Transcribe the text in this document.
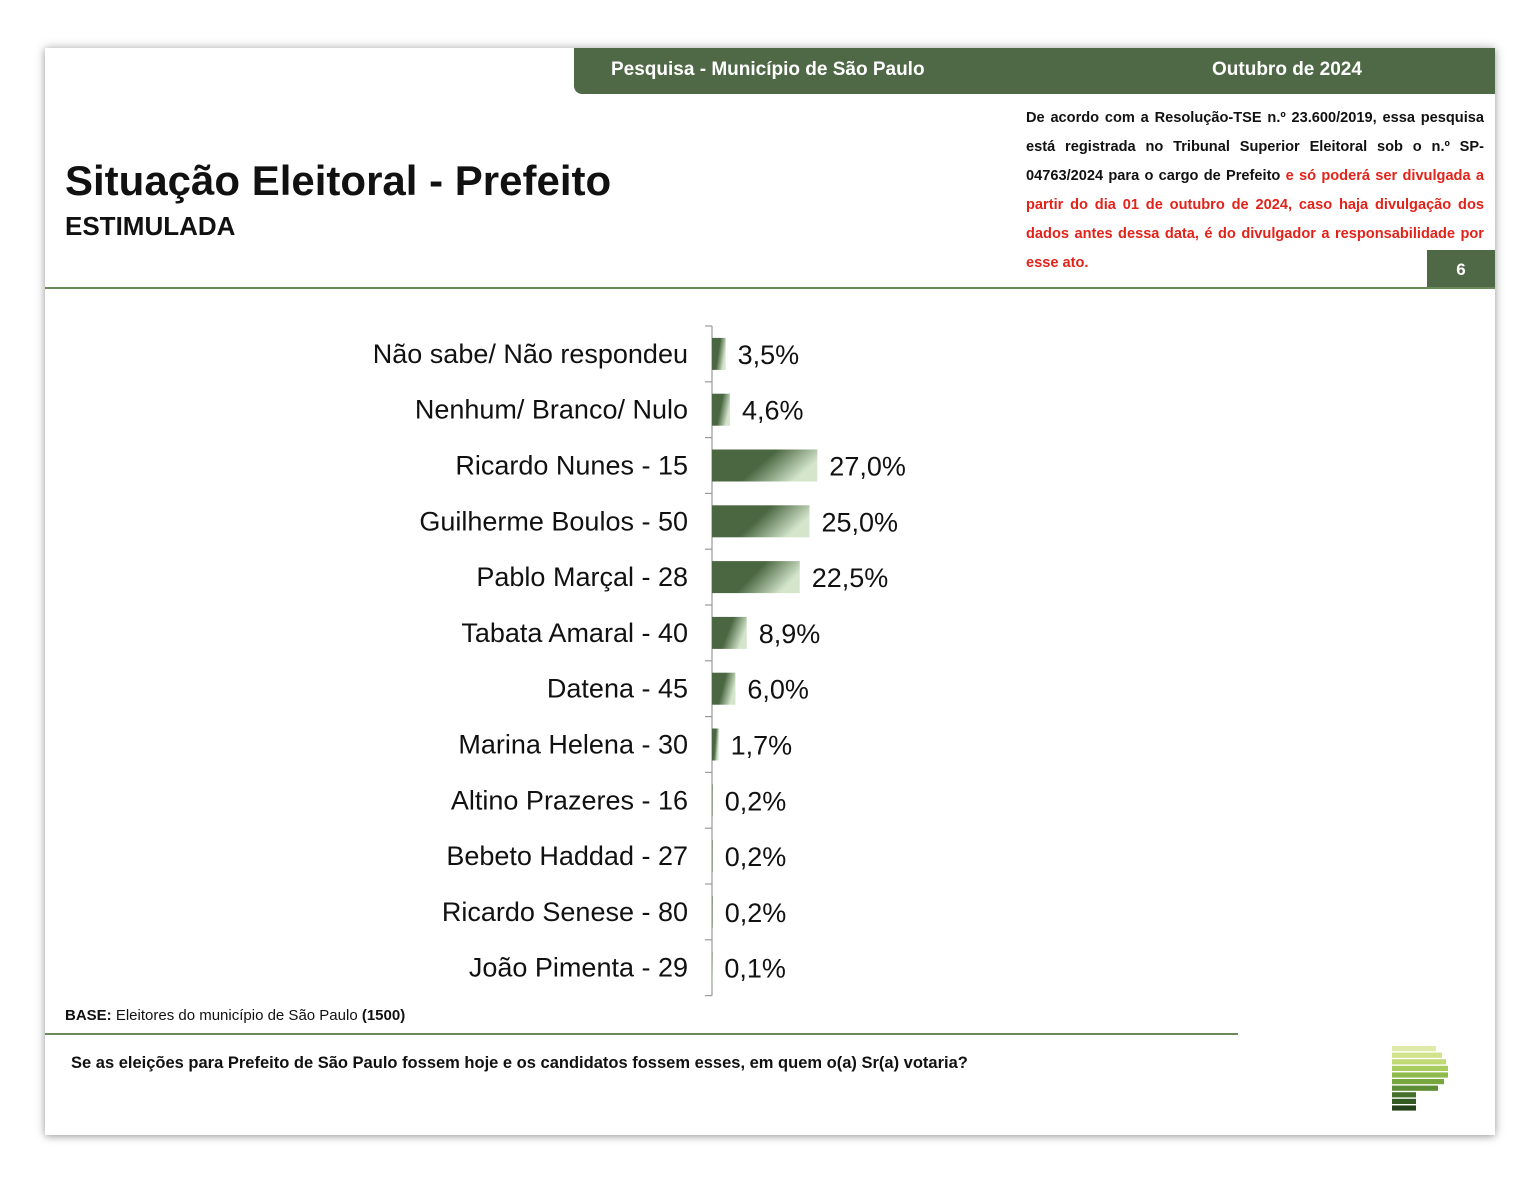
Pesquisa - Município de São Paulo	Outubro de 2024
Situação Eleitoral - Prefeito
ESTIMULADA
De acordo com a Resolução-TSE n.º 23.600/2019, essa pesquisa está registrada no Tribunal Superior Eleitoral sob o n.º SP-04763/2024 para o cargo de Prefeito e só poderá ser divulgada a partir do dia 01 de outubro de 2024, caso haja divulgação dos dados antes dessa data, é do divulgador a responsabilidade por esse ato.	6
Não sabe/ Não respondeu 3,5%
Nenhum/ Branco/ Nulo 4,6%
Ricardo Nunes - 15	27,0%
Guilherme Boulos - 50	25,0%
Pablo Marçal - 28	22,5%
Tabata Amaral - 40	8,9%
Datena - 45 6,0%
Marina Helena - 30 1,7%
Altino Prazeres - 16 0,2%
Bebeto Haddad - 27 0,2%
Ricardo Senese - 80 0,2%
João Pimenta - 29 0,1%
BASE: Eleitores do município de São Paulo (1500)
Se as eleições para Prefeito de São Paulo fossem hoje e os candidatos fossem esses, em quem o(a) Sr(a) votaria?
